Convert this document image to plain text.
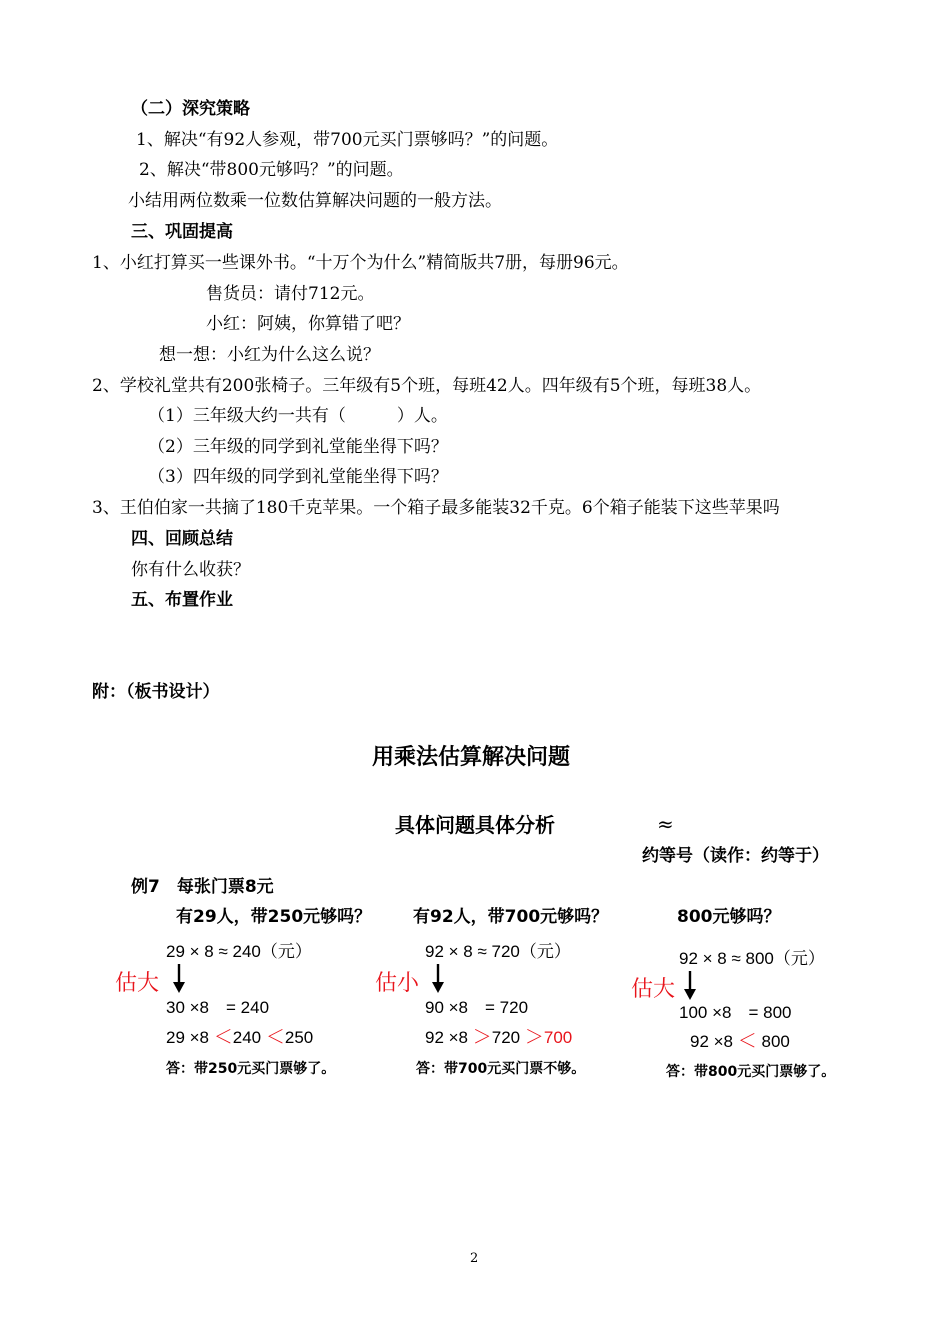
（二）深究策略
1、解决“有92人参观，带700元买门票够吗？”的问题。
2、解决“带800元够吗？”的问题。
小结用两位数乘一位数估算解决问题的一般方法。
三、巩固提高
1、小红打算买一些课外书。“十万个为什么”精简版共7册，每册96元。
售货员：请付712元。
小红：阿姨，你算错了吧？
想一想：小红为什么这么说？
2、学校礼堂共有200张椅子。三年级有5个班，每班42人。四年级有5个班，每班38人。
（1）三年级大约一共有（　　　）人。
（2）三年级的同学到礼堂能坐得下吗？
（3）四年级的同学到礼堂能坐得下吗？
3、王伯伯家一共摘了180千克苹果。一个箱子最多能装32千克。6个箱子能装下这些苹果吗
四、回顾总结
你有什么收获？
五、布置作业
附：（板书设计）
用乘法估算解决问题
具体问题具体分析	≈
约等号（读作：约等于）
例7　每张门票8元
有29人，带250元够吗？
29 × 8 ≈ 240（元）
估大
30 ×8　= 240
29 ×8 ＜240 ＜250
答：带250元买门票够了。
有92人，带700元够吗？
92 × 8 ≈ 720（元）
估小
90 ×8　= 720
92 ×8 ＞720 ＞700
答：带700元买门票不够。
800元够吗？
92 × 8 ≈ 800（元）
估大
100 ×8　= 800
92 ×8 ＜ 800
答：带800元买门票够了。
2
